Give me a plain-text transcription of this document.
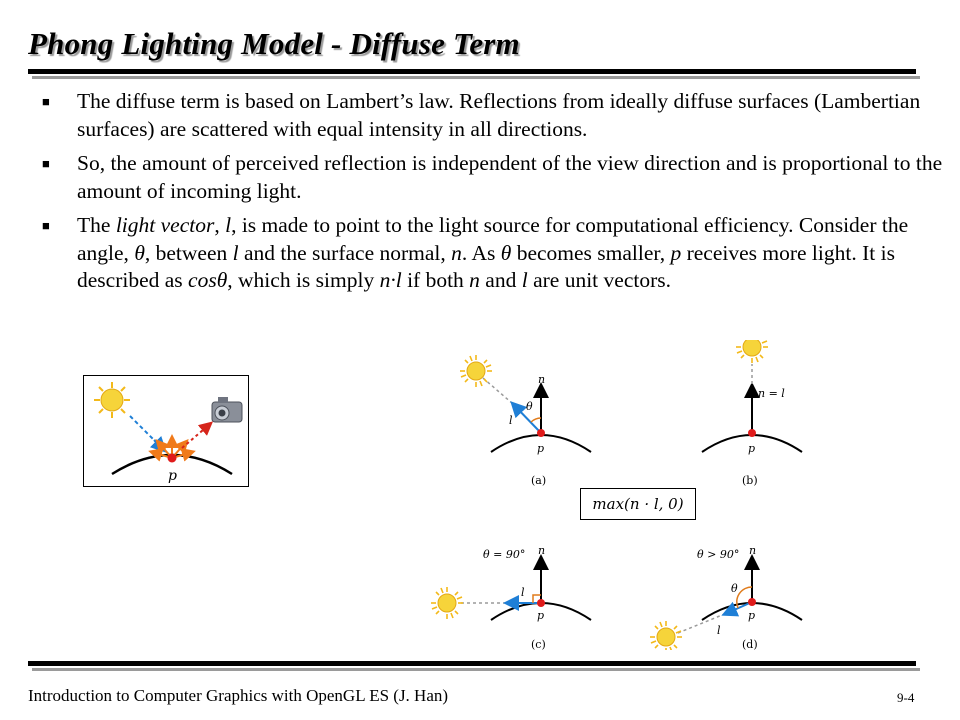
Phong Lighting Model - Diffuse Term
■ The diffuse term is based on Lambert’s law. Reflections from ideally diffuse surfaces (Lambertian surfaces) are scattered with equal intensity in all directions.
■ So, the amount of perceived reflection is independent of the view direction and is proportional to the amount of incoming light.
■ The light vector, l, is made to point to the light source for computational efficiency. Consider the angle, θ, between l and the surface normal, n. As θ becomes smaller, p receives more light. It is described as cosθ, which is simply n·l if both n and l are unit vectors.
p
n
l
θ
p
(a)
n = l
p
(b)
n
θ = 90°
l
p
(c)
n
θ > 90°
θ
l
p
(d)
max(n · l, 0)
Introduction to Computer Graphics with OpenGL ES (J. Han)	9-4
